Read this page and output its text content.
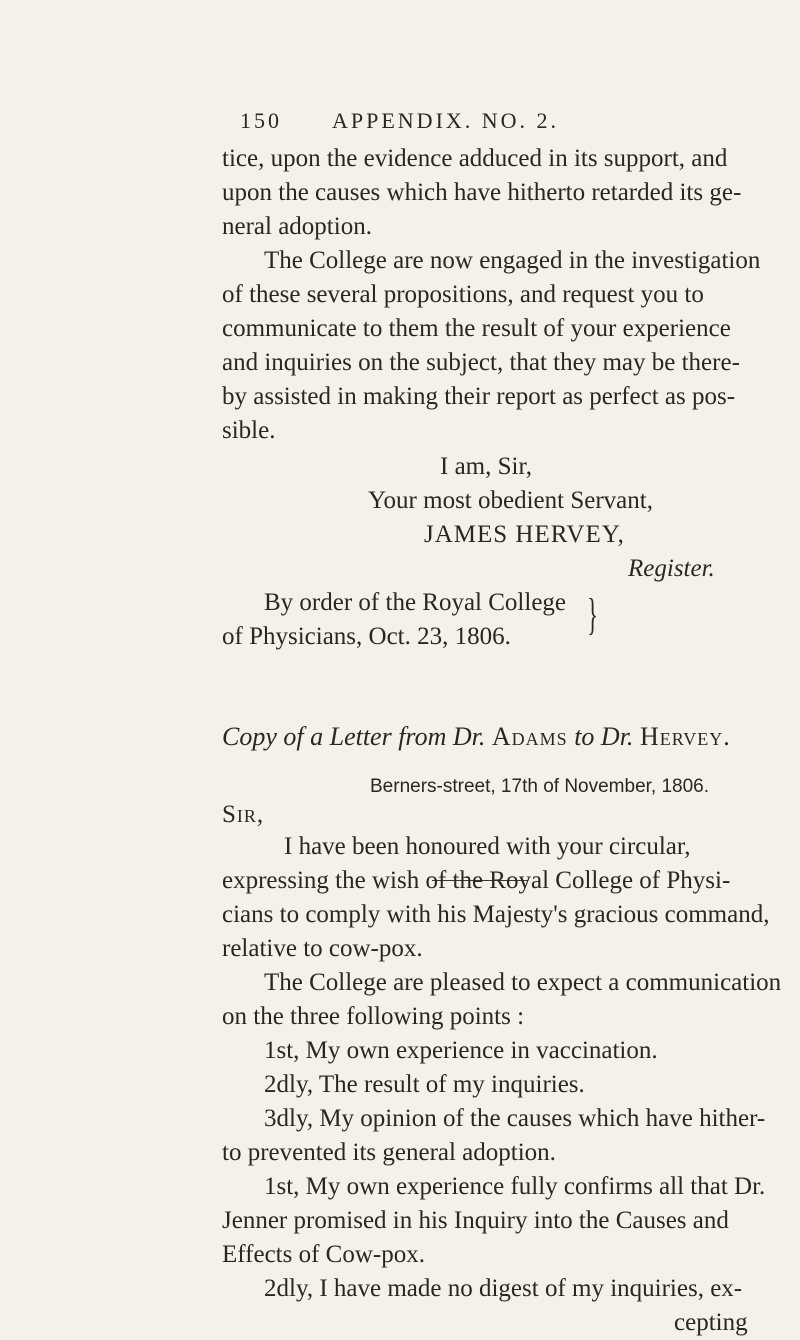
150 APPENDIX. NO. 2.
tice, upon the evidence adduced in its support, and
upon the causes which have hitherto retarded its ge-
neral adoption.
The College are now engaged in the investigation
of these several propositions, and request you to
communicate to them the result of your experience
and inquiries on the subject, that they may be there-
by assisted in making their report as perfect as pos-
sible.
I am, Sir,
Your most obedient Servant,
JAMES HERVEY,
Register.
By order of the Royal College
of Physicians, Oct. 23, 1806. }
Copy of a Letter from Dr. Adams to Dr. Hervey.
Berners-street, 17th of November, 1806.
Sir,
I have been honoured with your circular,
expressing the wish of the Royal College of Physi-
cians to comply with his Majesty's gracious command,
relative to cow-pox.
The College are pleased to expect a communication
on the three following points :
1st, My own experience in vaccination.
2dly, The result of my inquiries.
3dly, My opinion of the causes which have hither-
to prevented its general adoption.
1st, My own experience fully confirms all that Dr.
Jenner promised in his Inquiry into the Causes and
Effects of Cow-pox.
2dly, I have made no digest of my inquiries, ex-
cepting
